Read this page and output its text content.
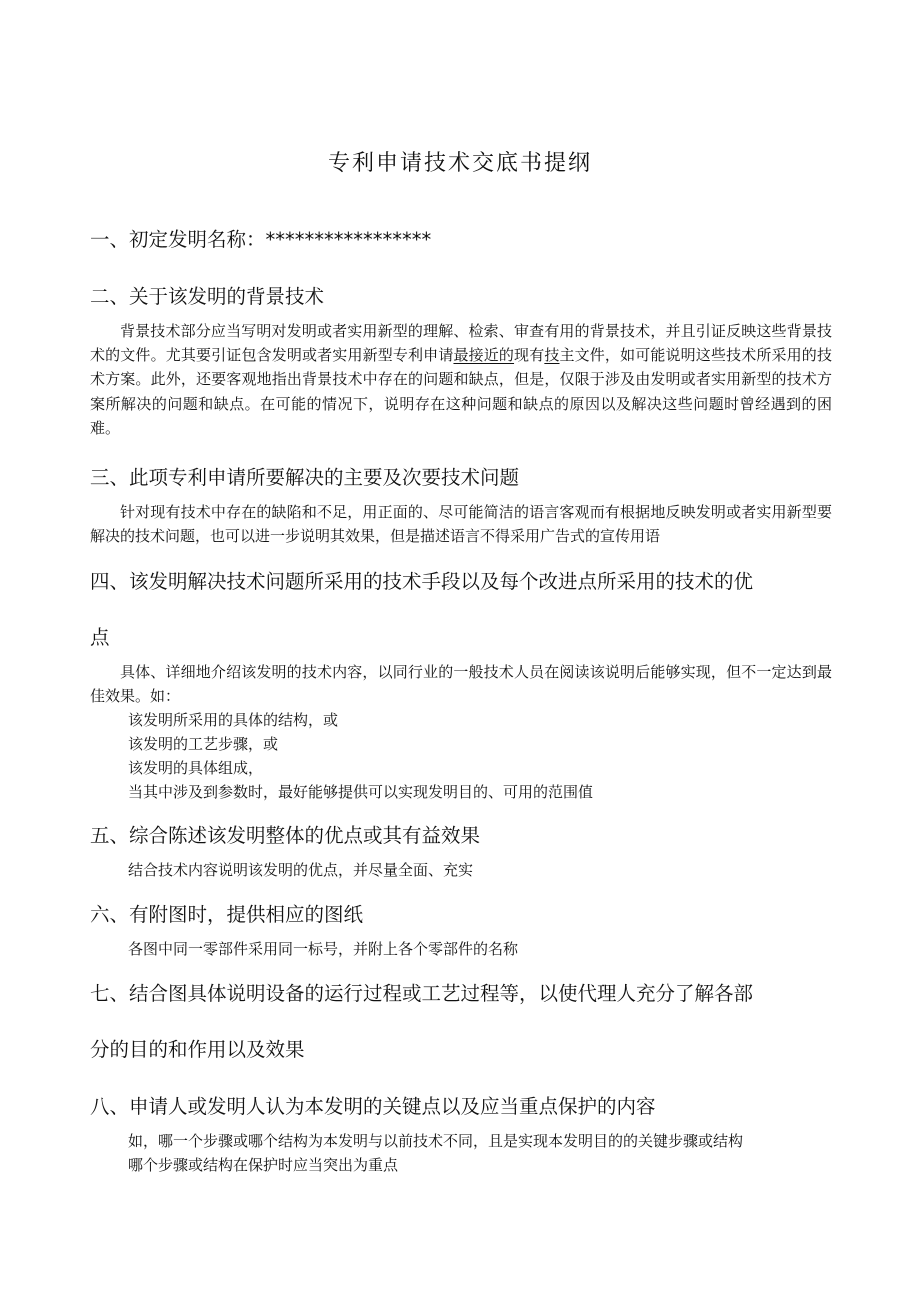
专利申请技术交底书提纲
一、初定发明名称：*****************
二、关于该发明的背景技术

背景技术部分应当写明对发明或者实用新型的理解、检索、审查有用的背景技术，并且引证反映这些背景技术的文件。尤其要引证包含发明或者实用新型专利申请最接近的现有技主文件，如可能说明这些技术所采用的技术方案。此外，还要客观地指出背景技术中存在的问题和缺点，但是，仅限于涉及由发明或者实用新型的技术方案所解决的问题和缺点。在可能的情况下，说明存在这种问题和缺点的原因以及解决这些问题时曾经遇到的困难。

三、此项专利申请所要解决的主要及次要技术问题

针对现有技术中存在的缺陷和不足，用正面的、尽可能简洁的语言客观而有根据地反映发明或者实用新型要解决的技术问题，也可以进一步说明其效果，但是描述语言不得采用广告式的宣传用语

四、该发明解决技术问题所采用的技术手段以及每个改进点所采用的技术的优
点

具体、详细地介绍该发明的技术内容，以同行业的一般技术人员在阅读该说明后能够实现，但不一定达到最佳效果。如：

该发明所采用的具体的结构，或

该发明的工艺步骤，或

该发明的具体组成，

当其中涉及到参数时，最好能够提供可以实现发明目的、可用的范围值

五、综合陈述该发明整体的优点或其有益效果

结合技术内容说明该发明的优点，并尽量全面、充实

六、有附图时，提供相应的图纸

各图中同一零部件采用同一标号，并附上各个零部件的名称

七、结合图具体说明设备的运行过程或工艺过程等，以使代理人充分了解各部
分的目的和作用以及效果
八、申请人或发明人认为本发明的关键点以及应当重点保护的内容

如，哪一个步骤或哪个结构为本发明与以前技术不同，且是实现本发明目的的关键步骤或结构

哪个步骤或结构在保护时应当突出为重点
